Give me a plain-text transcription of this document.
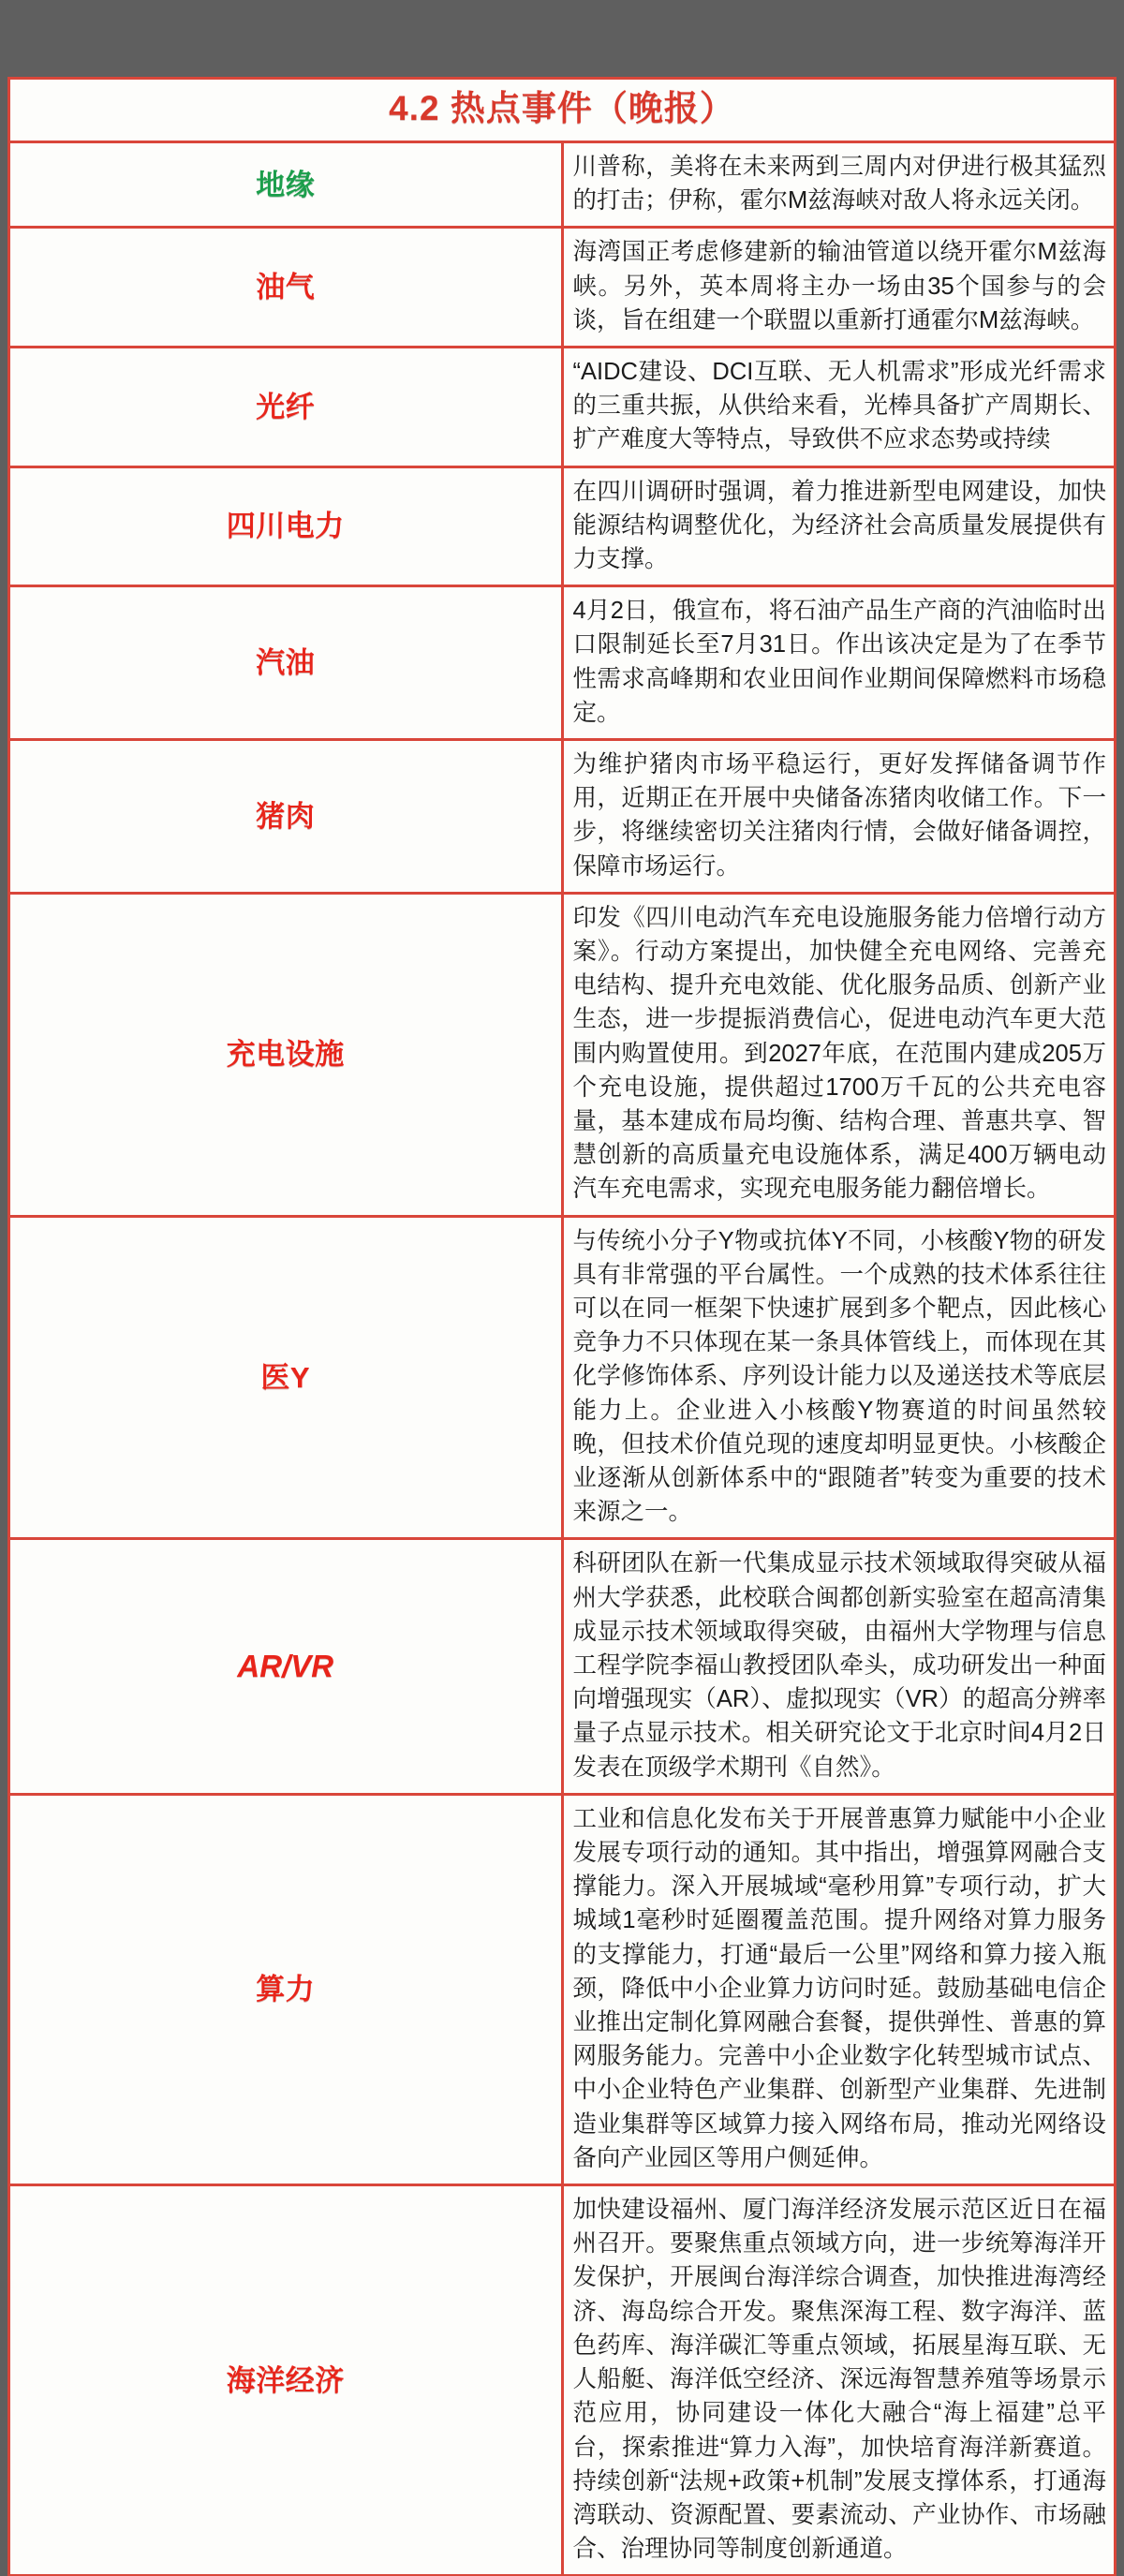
4.2 热点事件（晚报）	

地缘	川普称，美将在未来两到三周内对伊进行极其猛烈的打击；伊称，霍尔M兹海峡对敌人将永远关闭。

油气	海湾国正考虑修建新的输油管道以绕开霍尔M兹海峡。另外，英本周将主办一场由35个国参与的会谈，旨在组建一个联盟以重新打通霍尔M兹海峡。

光纤	“AIDC建设、DCI互联、无人机需求”形成光纤需求的三重共振，从供给来看，光棒具备扩产周期长、扩产难度大等特点，导致供不应求态势或持续

四川电力	在四川调研时强调，着力推进新型电网建设，加快能源结构调整优化，为经济社会高质量发展提供有力支撑。

汽油	4月2日，俄宣布，将石油产品生产商的汽油临时出口限制延长至7月31日。作出该决定是为了在季节性需求高峰期和农业田间作业期间保障燃料市场稳定。

猪肉	为维护猪肉市场平稳运行，更好发挥储备调节作用，近期正在开展中央储备冻猪肉收储工作。下一步，将继续密切关注猪肉行情，会做好储备调控，保障市场运行。

充电设施	印发《四川电动汽车充电设施服务能力倍增行动方案》。行动方案提出，加快健全充电网络、完善充电结构、提升充电效能、优化服务品质、创新产业生态，进一步提振消费信心，促进电动汽车更大范围内购置使用。到2027年底，在范围内建成205万个充电设施，提供超过1700万千瓦的公共充电容量，基本建成布局均衡、结构合理、普惠共享、智慧创新的高质量充电设施体系，满足400万辆电动汽车充电需求，实现充电服务能力翻倍增长。

医Y	与传统小分子Y物或抗体Y不同，小核酸Y物的研发具有非常强的平台属性。一个成熟的技术体系往往可以在同一框架下快速扩展到多个靶点，因此核心竞争力不只体现在某一条具体管线上，而体现在其化学修饰体系、序列设计能力以及递送技术等底层能力上。企业进入小核酸Y物赛道的时间虽然较晚，但技术价值兑现的速度却明显更快。小核酸企业逐渐从创新体系中的“跟随者”转变为重要的技术来源之一。

AR/VR	科研团队在新一代集成显示技术领域取得突破从福州大学获悉，此校联合闽都创新实验室在超高清集成显示技术领域取得突破，由福州大学物理与信息工程学院李福山教授团队牵头，成功研发出一种面向增强现实（AR）、虚拟现实（VR）的超高分辨率量子点显示技术。相关研究论文于北京时间4月2日发表在顶级学术期刊《自然》。

算力	工业和信息化发布关于开展普惠算力赋能中小企业发展专项行动的通知。其中指出，增强算网融合支撑能力。深入开展城域“毫秒用算”专项行动，扩大城域1毫秒时延圈覆盖范围。提升网络对算力服务的支撑能力，打通“最后一公里”网络和算力接入瓶颈，降低中小企业算力访问时延。鼓励基础电信企业推出定制化算网融合套餐，提供弹性、普惠的算网服务能力。完善中小企业数字化转型城市试点、中小企业特色产业集群、创新型产业集群、先进制造业集群等区域算力接入网络布局，推动光网络设备向产业园区等用户侧延伸。

海洋经济	加快建设福州、厦门海洋经济发展示范区近日在福州召开。要聚焦重点领域方向，进一步统筹海洋开发保护，开展闽台海洋综合调查，加快推进海湾经济、海岛综合开发。聚焦深海工程、数字海洋、蓝色药库、海洋碳汇等重点领域，拓展星海互联、无人船艇、海洋低空经济、深远海智慧养殖等场景示范应用，协同建设一体化大融合“海上福建”总平台，探索推进“算力入海”，加快培育海洋新赛道。持续创新“法规+政策+机制”发展支撑体系，打通海湾联动、资源配置、要素流动、产业协作、市场融合、治理协同等制度创新通道。
